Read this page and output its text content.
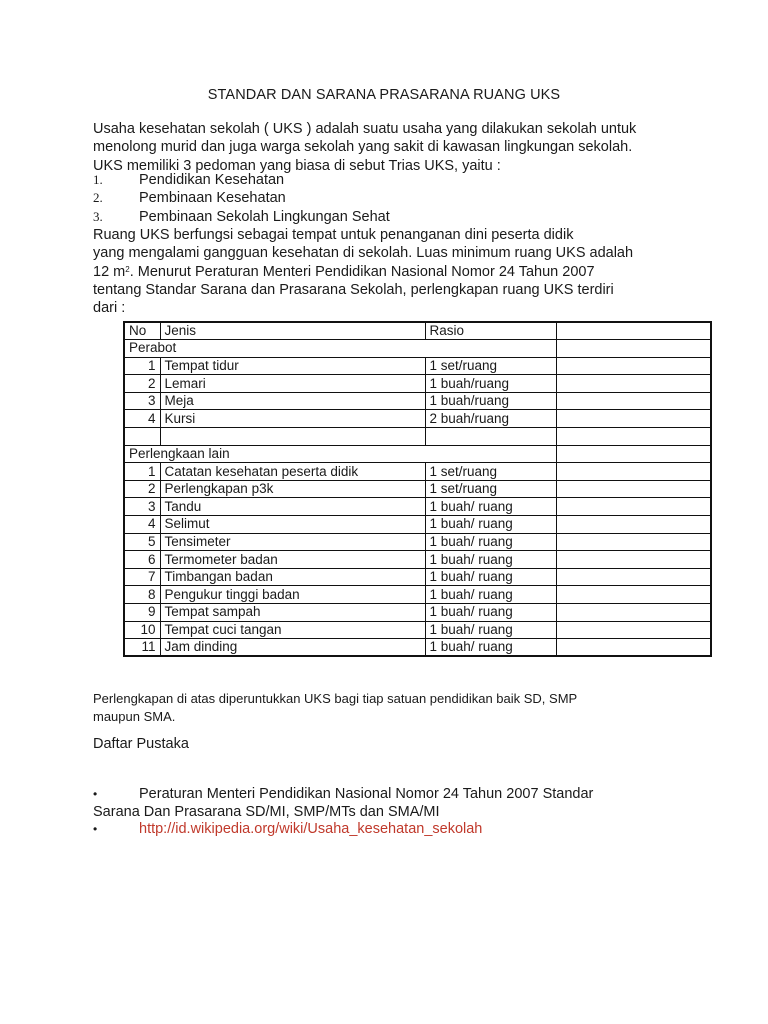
STANDAR DAN SARANA PRASARANA RUANG UKS
Usaha kesehatan sekolah ( UKS ) adalah suatu usaha yang dilakukan sekolah untuk
menolong murid dan juga warga sekolah yang sakit di kawasan lingkungan sekolah.
UKS memiliki 3 pedoman yang biasa di sebut Trias UKS, yaitu :
1.	Pendidikan Kesehatan
2.	Pembinaan Kesehatan
3.	Pembinaan Sekolah Lingkungan Sehat
Ruang UKS berfungsi sebagai tempat untuk penanganan dini peserta didik
yang mengalami gangguan kesehatan di sekolah. Luas minimum ruang UKS adalah
12 $m^2$. Menurut Peraturan Menteri Pendidikan Nasional Nomor 24 Tahun 2007
tentang Standar Sarana dan Prasarana Sekolah, perlengkapan ruang UKS terdiri
dari :
No	Jenis	Rasio	
Perabot			
1	Tempat tidur	1 set/ruang	
2	Lemari	1 buah/ruang	
3	Meja	1 buah/ruang	
4	Kursi	2 buah/ruang	

Perlengkaan lain			
1	Catatan kesehatan peserta didik	1 set/ruang	
2	Perlengkapan p3k	1 set/ruang	
3	Tandu	1 buah/ ruang	
4	Selimut	1 buah/ ruang	
5	Tensimeter	1 buah/ ruang	
6	Termometer badan	1 buah/ ruang	
7	Timbangan badan	1 buah/ ruang	
8	Pengukur tinggi badan	1 buah/ ruang	
9	Tempat sampah	1 buah/ ruang	
10	Tempat cuci tangan	1 buah/ ruang	
11	Jam dinding	1 buah/ ruang	
Perlengkapan di atas diperuntukkan UKS bagi tiap satuan pendidikan baik SD, SMP
maupun SMA.
Daftar Pustaka
•	Peraturan Menteri Pendidikan Nasional Nomor 24 Tahun 2007 Standar
Sarana Dan Prasarana SD/MI, SMP/MTs dan SMA/MI
•	http://id.wikipedia.org/wiki/Usaha_kesehatan_sekolah
